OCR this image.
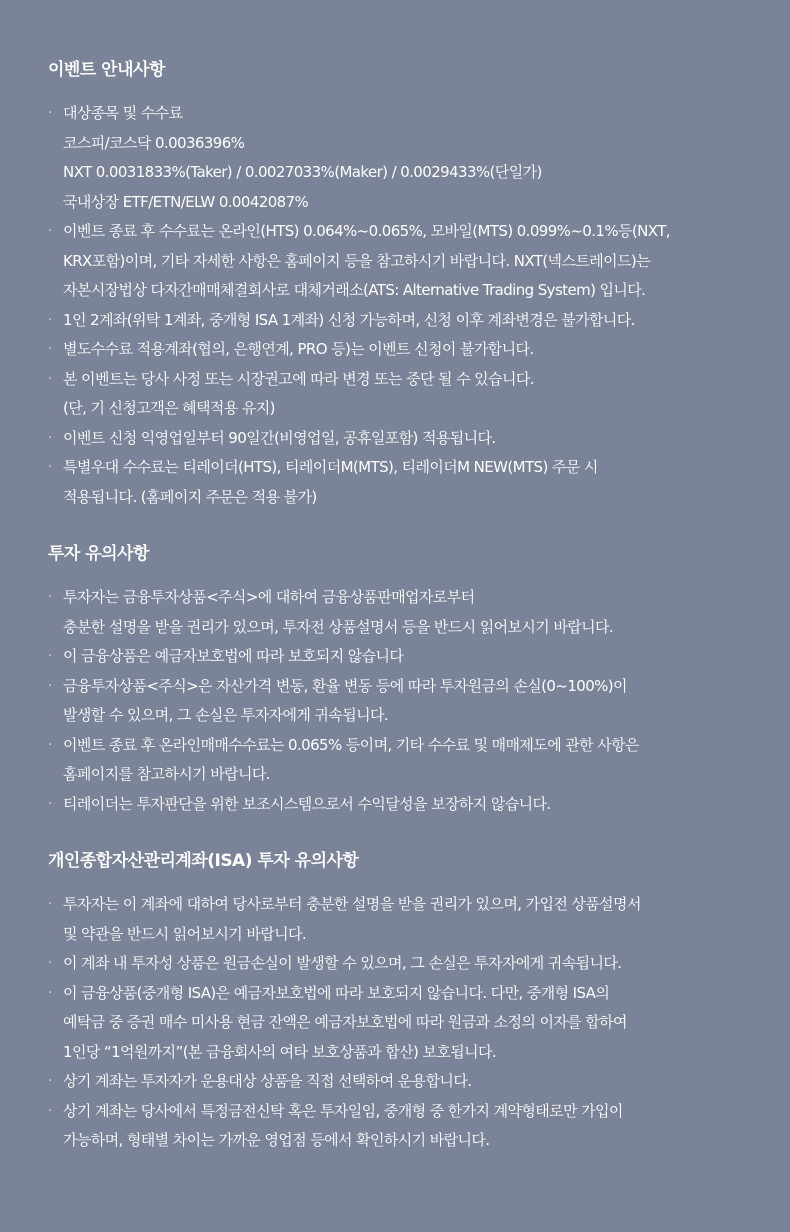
이벤트 안내사항
· 대상종목 및 수수료
코스피/코스닥 0.0036396%
NXT 0.0031833%(Taker) / 0.0027033%(Maker) / 0.0029433%(단일가)
국내상장 ETF/ETN/ELW 0.0042087%
· 이벤트 종료 후 수수료는 온라인(HTS) 0.064%~0.065%, 모바일(MTS) 0.099%~0.1%등(NXT,
KRX포함)이며, 기타 자세한 사항은 홈페이지 등을 참고하시기 바랍니다. NXT(넥스트레이드)는
자본시장법상 다자간매매체결회사로 대체거래소(ATS: Alternative Trading System) 입니다.
· 1인 2계좌(위탁 1계좌, 중개형 ISA 1계좌) 신청 가능하며, 신청 이후 계좌변경은 불가합니다.
· 별도수수료 적용계좌(협의, 은행연계, PRO 등)는 이벤트 신청이 불가합니다.
· 본 이벤트는 당사 사정 또는 시장권고에 따라 변경 또는 중단 될 수 있습니다.
(단, 기 신청고객은 혜택적용 유지)
· 이벤트 신청 익영업일부터 90일간(비영업일, 공휴일포함) 적용됩니다.
· 특별우대 수수료는 티레이더(HTS), 티레이더M(MTS), 티레이더M NEW(MTS) 주문 시
적용됩니다. (홈페이지 주문은 적용 불가)
투자 유의사항
· 투자자는 금융투자상품<주식>에 대하여 금융상품판매업자로부터
충분한 설명을 받을 권리가 있으며, 투자전 상품설명서 등을 반드시 읽어보시기 바랍니다.
· 이 금융상품은 예금자보호법에 따라 보호되지 않습니다
· 금융투자상품<주식>은 자산가격 변동, 환율 변동 등에 따라 투자원금의 손실(0~100%)이
발생할 수 있으며, 그 손실은 투자자에게 귀속됩니다.
· 이벤트 종료 후 온라인매매수수료는 0.065% 등이며, 기타 수수료 및 매매제도에 관한 사항은
홈페이지를 참고하시기 바랍니다.
· 티레이더는 투자판단을 위한 보조시스템으로서 수익달성을 보장하지 않습니다.
개인종합자산관리계좌(ISA) 투자 유의사항
· 투자자는 이 계좌에 대하여 당사로부터 충분한 설명을 받을 권리가 있으며, 가입전 상품설명서
및 약관을 반드시 읽어보시기 바랍니다.
· 이 계좌 내 투자성 상품은 원금손실이 발생할 수 있으며, 그 손실은 투자자에게 귀속됩니다.
· 이 금융상품(중개형 ISA)은 예금자보호법에 따라 보호되지 않습니다. 다만, 중개형 ISA의
예탁금 중 증권 매수 미사용 현금 잔액은 예금자보호법에 따라 원금과 소정의 이자를 합하여
1인당 “1억원까지”(본 금융회사의 여타 보호상품과 합산) 보호됩니다.
· 상기 계좌는 투자자가 운용대상 상품을 직접 선택하여 운용합니다.
· 상기 계좌는 당사에서 특정금전신탁 혹은 투자일임, 중개형 중 한가지 계약형태로만 가입이
가능하며, 형태별 차이는 가까운 영업점 등에서 확인하시기 바랍니다.
